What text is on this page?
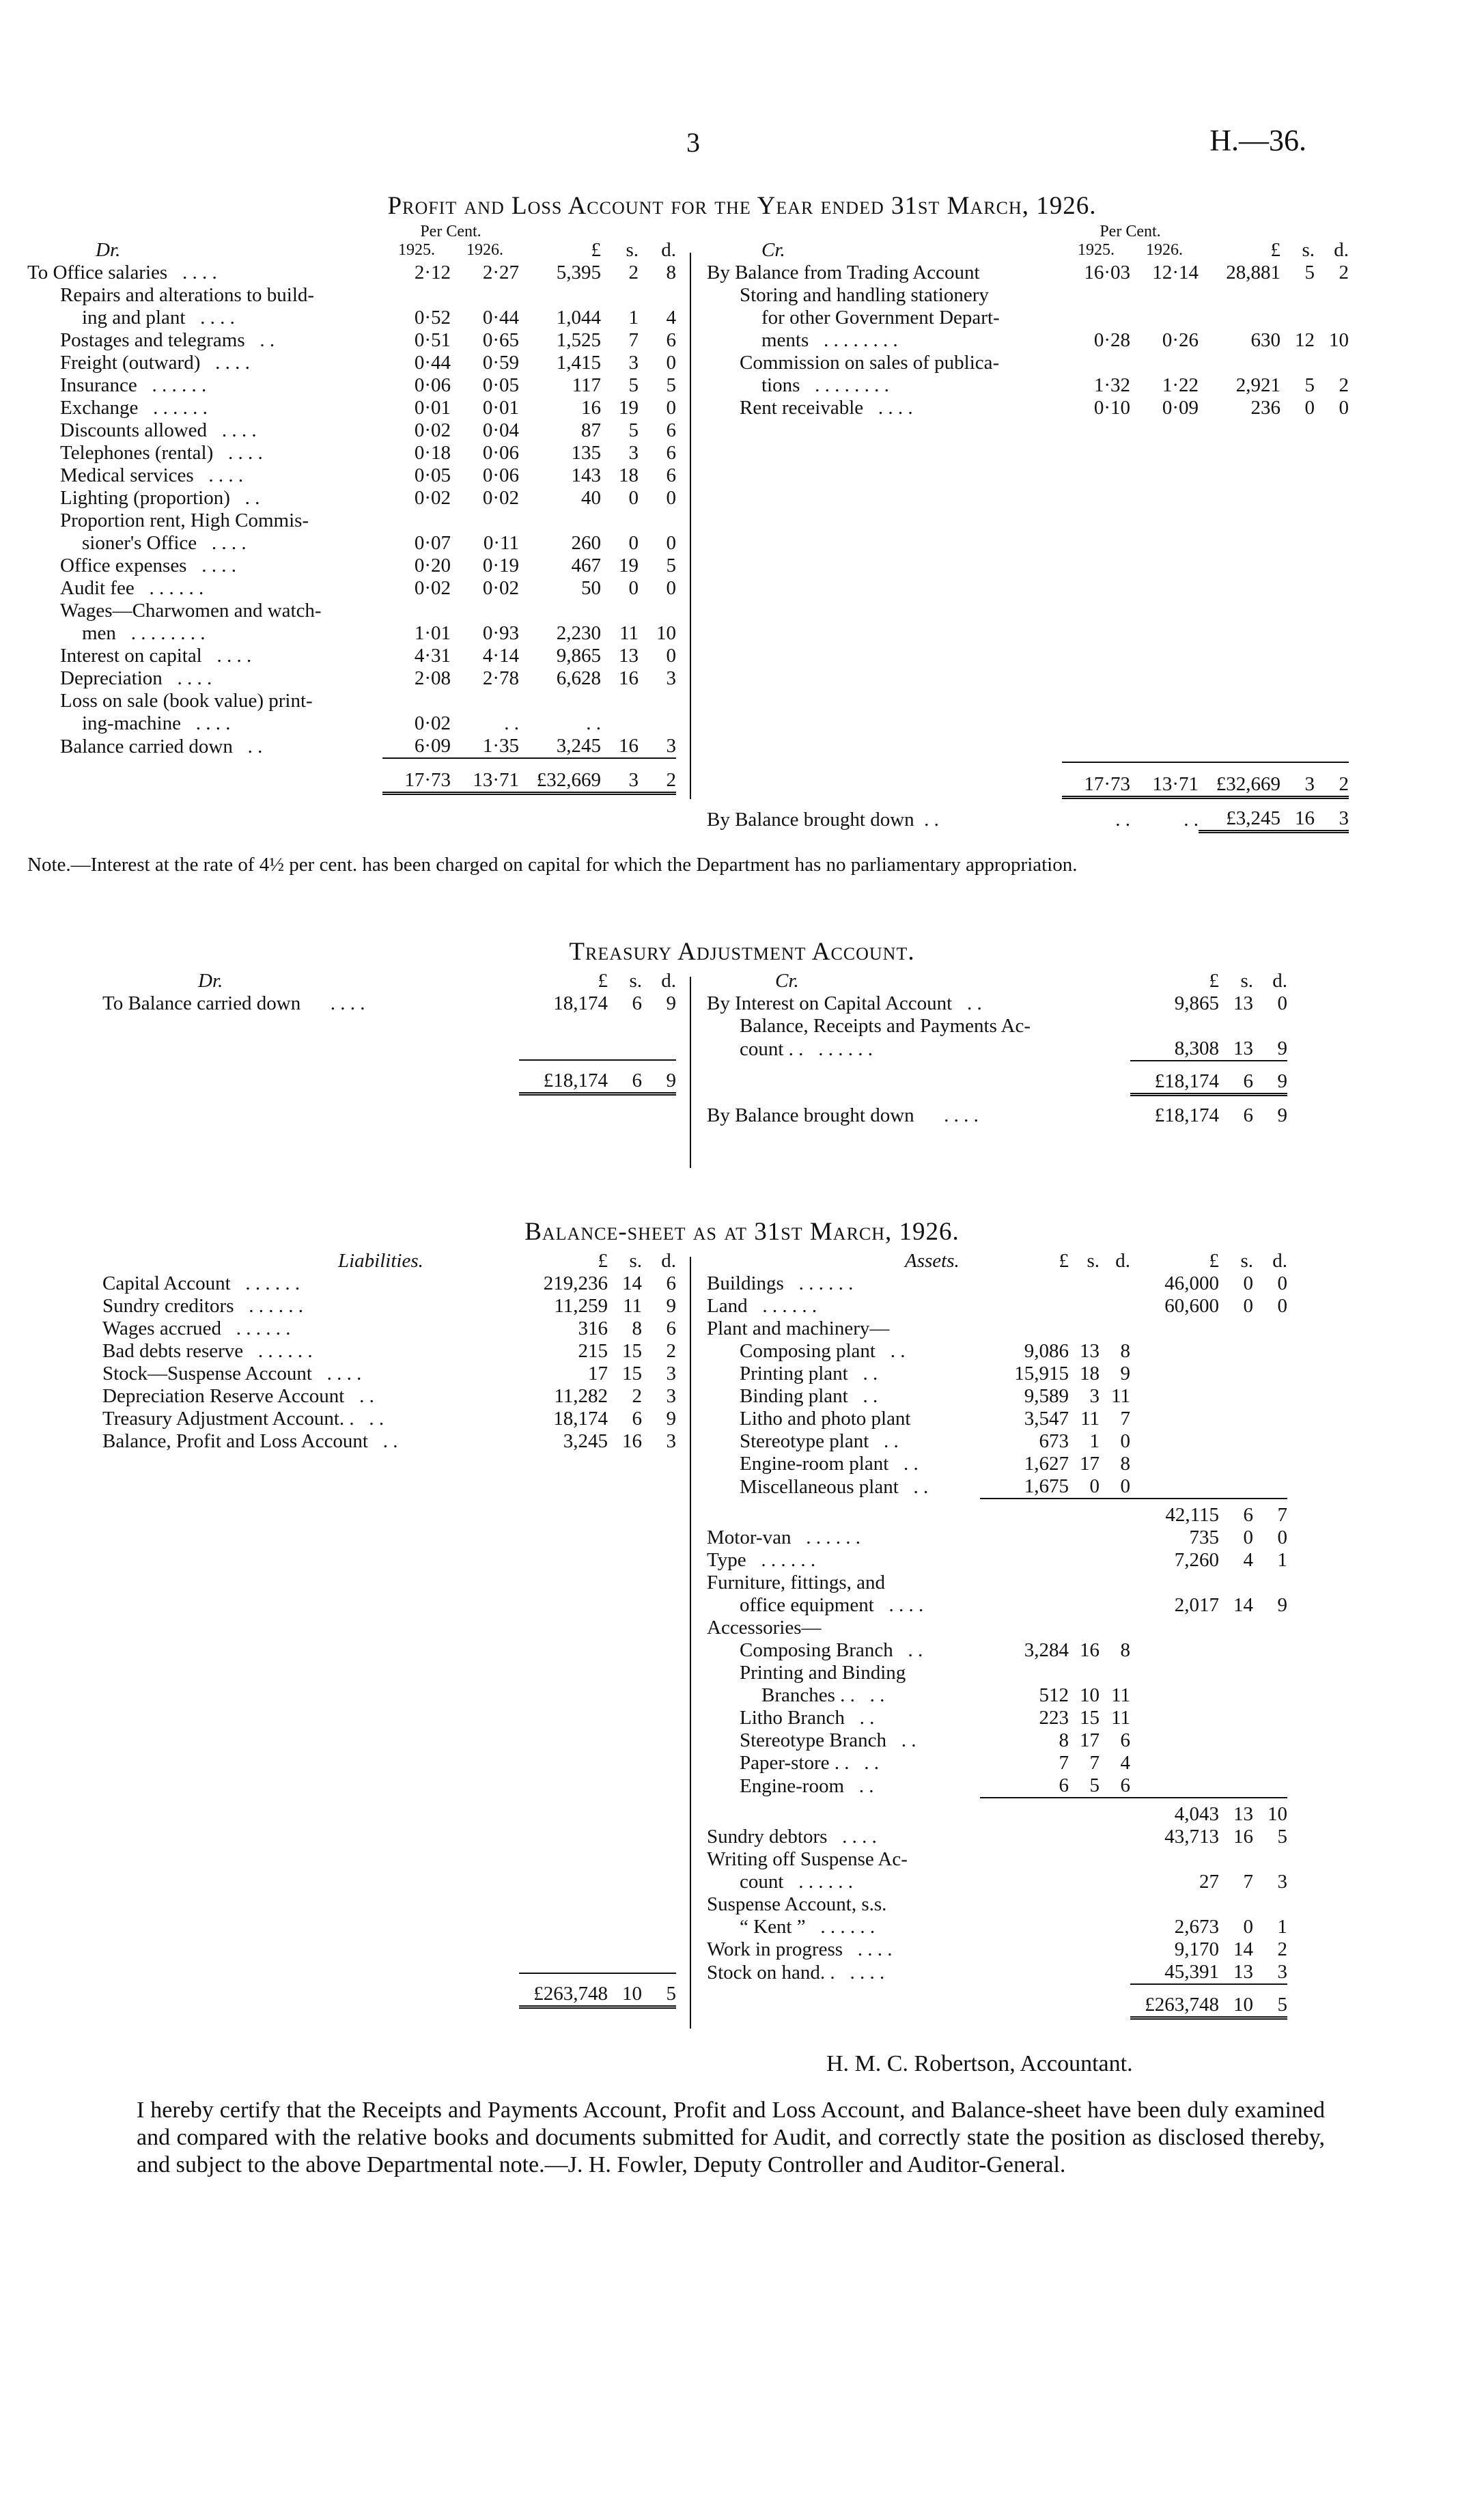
3	H.—36.
Profit and Loss Account for the Year ended 31st March, 1926.
	Per Cent.				
Dr.	1925.	1926.	£	s.	d.
To Office salaries . . . .	2·12	2·27	5,395	2	8
Repairs and alterations to build-					
ing and plant . . . .	0·52	0·44	1,044	1	4
Postages and telegrams . .	0·51	0·65	1,525	7	6
Freight (outward) . . . .	0·44	0·59	1,415	3	0
Insurance . . . . . .	0·06	0·05	117	5	5
Exchange . . . . . .	0·01	0·01	16	19	0
Discounts allowed . . . .	0·02	0·04	87	5	6
Telephones (rental) . . . .	0·18	0·06	135	3	6
Medical services . . . .	0·05	0·06	143	18	6
Lighting (proportion) . .	0·02	0·02	40	0	0
Proportion rent, High Commis-					
sioner's Office . . . .	0·07	0·11	260	0	0
Office expenses . . . .	0·20	0·19	467	19	5
Audit fee . . . . . .	0·02	0·02	50	0	0
Wages—Charwomen and watch-					
men . . . . . . . .	1·01	0·93	2,230	11	10
Interest on capital . . . .	4·31	4·14	9,865	13	0
Depreciation . . . .	2·08	2·78	6,628	16	3
Loss on sale (book value) print-					
ing-machine . . . .	0·02	. .	. .		
Balance carried down . .	6·09	1·35	3,245	16	3

	17·73	13·71	£32,669	3	2
	Per Cent.				
Cr.	1925.	1926.	£	s.	d.
By Balance from Trading Account	16·03	12·14	28,881	5	2
Storing and handling stationery					
for other Government Depart-					
ments . . . . . . . .	0·28	0·26	630	12	10
Commission on sales of publica-					
tions . . . . . . . .	1·32	1·22	2,921	5	2
Rent receivable . . . .	0·10	0·09	236	0	0

	17·73	13·71	£32,669	3	2

By Balance brought down . .	. .	. .	£3,245	16	3
Note.—Interest at the rate of 4½ per cent. has been charged on capital for which the Department has no parliamentary appropriation.
Treasury Adjustment Account.
Dr.	£	s.	d.
To Balance carried down . . . .	18,174	6	9

	£18,174	6	9
Cr.	£	s.	d.
By Interest on Capital Account . .	9,865	13	0
Balance, Receipts and Payments Ac-			
count . . . . . . . .	8,308	13	9

	£18,174	6	9

By Balance brought down . . . .	£18,174	6	9
Balance-sheet as at 31st March, 1926.
Liabilities.	£	s.	d.
Capital Account . . . . . .	219,236	14	6
Sundry creditors . . . . . .	11,259	11	9
Wages accrued . . . . . .	316	8	6
Bad debts reserve . . . . . .	215	15	2
Stock—Suspense Account . . . .	17	15	3
Depreciation Reserve Account . .	11,282	2	3
Treasury Adjustment Account. . . .	18,174	6	9
Balance, Profit and Loss Account . .	3,245	16	3

	£263,748	10	5
Assets.	£	s.	d.	£	s.	d.
Buildings . . . . . .				46,000	0	0
Land . . . . . .				60,600	0	0
Plant and machinery—						
Composing plant . .	9,086	13	8			
Printing plant . .	15,915	18	9			
Binding plant . .	9,589	3	11			
Litho and photo plant	3,547	11	7			
Stereotype plant . .	673	1	0			
Engine-room plant . .	1,627	17	8			
Miscellaneous plant . .	1,675	0	0			

				42,115	6	7
Motor-van . . . . . .				735	0	0
Type . . . . . .				7,260	4	1
Furniture, fittings, and						
office equipment . . . .				2,017	14	9
Accessories—						
Composing Branch . .	3,284	16	8			
Printing and Binding						
Branches . . . .	512	10	11			
Litho Branch . .	223	15	11			
Stereotype Branch . .	8	17	6			
Paper-store . . . .	7	7	4			
Engine-room . .	6	5	6			

				4,043	13	10
Sundry debtors . . . .				43,713	16	5
Writing off Suspense Ac-						
count . . . . . .				27	7	3
Suspense Account, s.s.						
“ Kent ” . . . . . .				2,673	0	1
Work in progress . . . .				9,170	14	2
Stock on hand. . . . . .				45,391	13	3

				£263,748	10	5
H. M. C. Robertson, Accountant.
I hereby certify that the Receipts and Payments Account, Profit and Loss Account, and Balance-sheet have been duly examined and compared with the relative books and documents submitted for Audit, and correctly state the position as disclosed thereby, and subject to the above Departmental note.—J. H. Fowler, Deputy Controller and Auditor-General.
